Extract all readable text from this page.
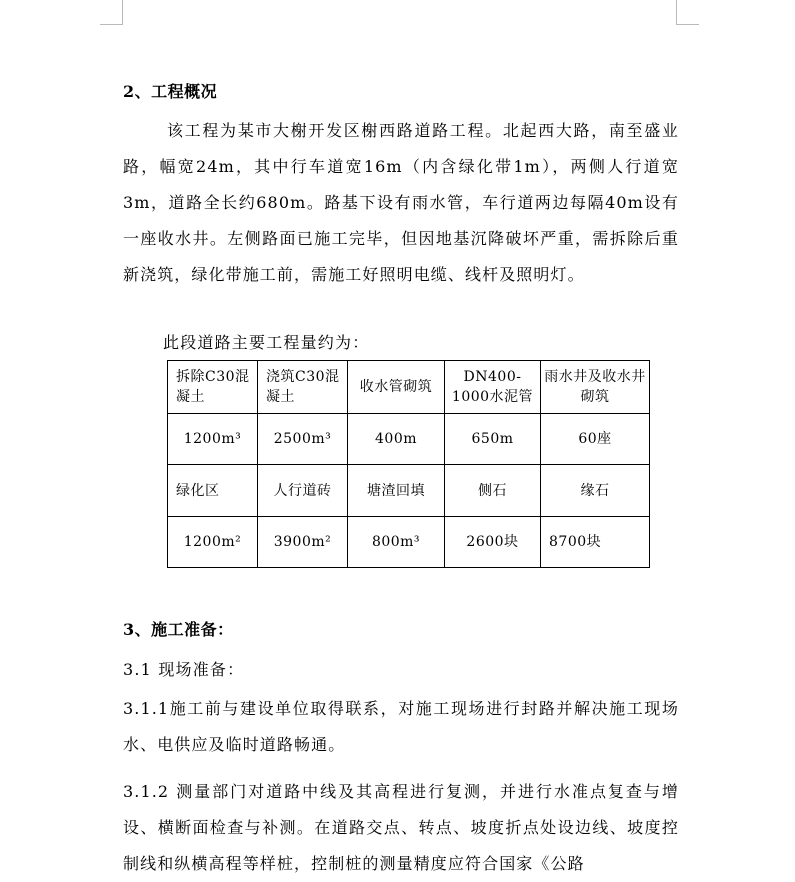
2、工程概况
该工程为某市大榭开发区榭西路道路工程。北起西大路，南至盛业路，幅宽24m，其中行车道宽16m（内含绿化带1m），两侧人行道宽3m，道路全长约680m。路基下设有雨水管，车行道两边每隔40m设有一座收水井。左侧路面已施工完毕，但因地基沉降破坏严重，需拆除后重新浇筑，绿化带施工前，需施工好照明电缆、线杆及照明灯。
此段道路主要工程量约为：
拆除C30混凝土	浇筑C30混凝土	收水管砌筑	DN400-1000水泥管	雨水井及收水井砌筑
1200m³	2500m³	400m	650m	60座
绿化区	人行道砖	塘渣回填	侧石	缘石
1200m²	3900m²	800m³	2600块	8700块
3、施工准备：
3.1 现场准备：
3.1.1施工前与建设单位取得联系，对施工现场进行封路并解决施工现场水、电供应及临时道路畅通。
3.1.2 测量部门对道路中线及其高程进行复测，并进行水准点复查与增设、横断面检查与补测。在道路交点、转点、坡度折点处设边线、坡度控制线和纵横高程等样桩，控制桩的测量精度应符合国家《公路
